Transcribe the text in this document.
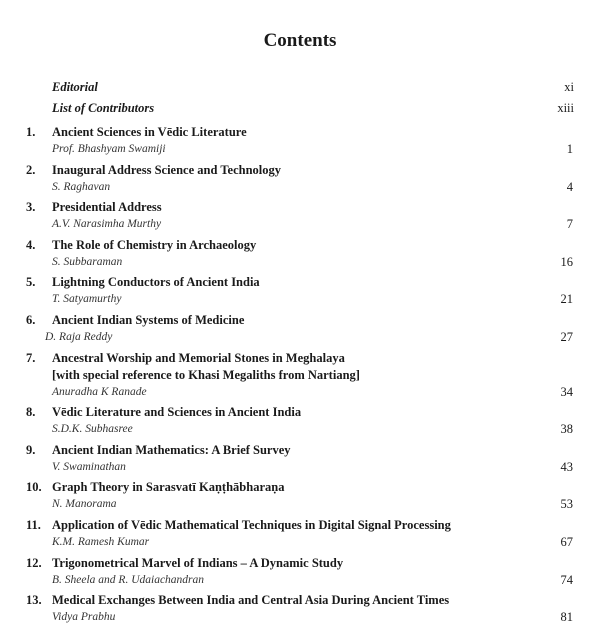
Contents
Editorial	xi
List of Contributors	xiii
1. Ancient Sciences in Vēdic Literature
Prof. Bhashyam Swamiji	1
2. Inaugural Address Science and Technology
S. Raghavan	4
3. Presidential Address
A.V. Narasimha Murthy	7
4. The Role of Chemistry in Archaeology
S. Subbaraman	16
5. Lightning Conductors of Ancient India
T. Satyamurthy	21
6. Ancient Indian Systems of Medicine
D. Raja Reddy	27
7. Ancestral Worship and Memorial Stones in Meghalaya
[with special reference to Khasi Megaliths from Nartiang]
Anuradha K Ranade	34
8. Vēdic Literature and Sciences in Ancient India
S.D.K. Subhasree	38
9. Ancient Indian Mathematics: A Brief Survey
V. Swaminathan	43
10. Graph Theory in Sarasvatī Kaṇṭhābharaṇa
N. Manorama	53
11. Application of Vēdic Mathematical Techniques in Digital Signal Processing
K.M. Ramesh Kumar	67
12. Trigonometrical Marvel of Indians – A Dynamic Study
B. Sheela and R. Udaiachandran	74
13. Medical Exchanges Between India and Central Asia During Ancient Times
Vidya Prabhu	81
